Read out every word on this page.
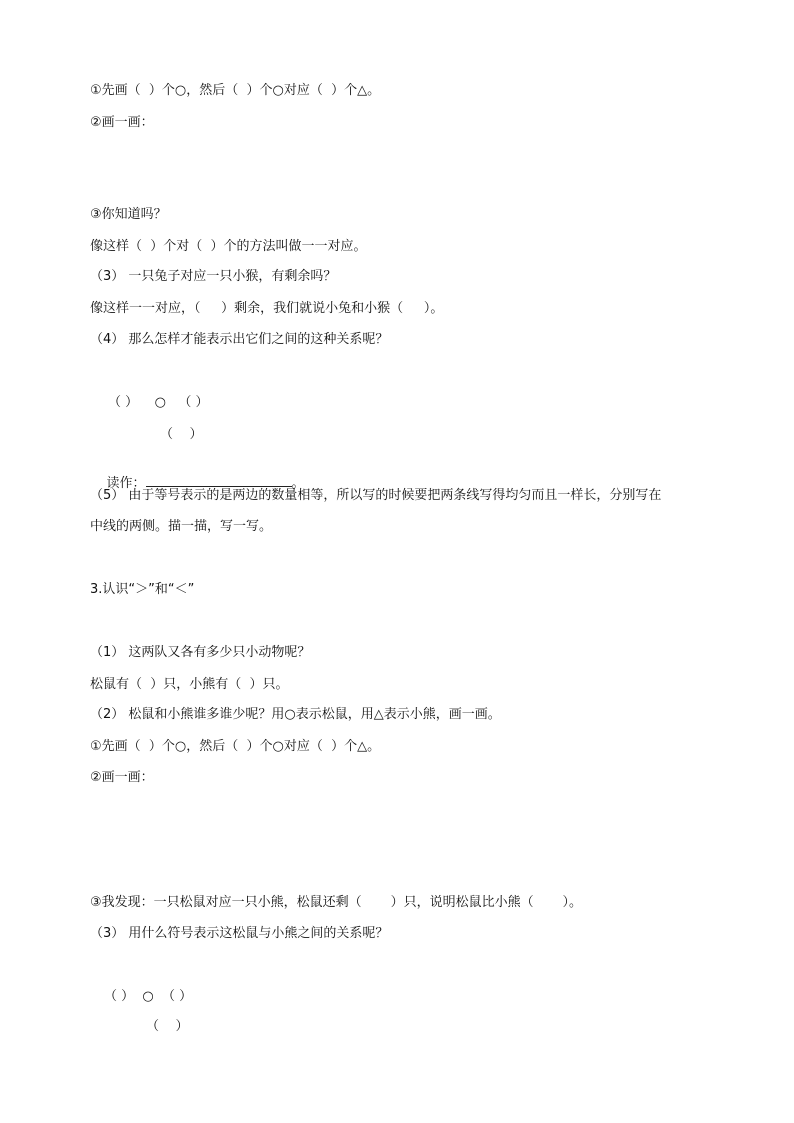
①先画（  ）个○，然后（  ）个○对应（  ）个△。
②画一画：
③你知道吗？
像这样（  ）个对（  ）个的方法叫做一一对应。
（3） 一只兔子对应一只小猴，有剩余吗？
像这样一一对应，（     ）剩余，我们就说小兔和小猴（     ）。
（4） 那么怎样才能表示出它们之间的这种关系呢？
（ ）    ○   （ ）
（    ）

读作：	。

（5） 由于等号表示的是两边的数量相等，所以写的时候要把两条线写得均匀而且一样长，分别写在
中线的两侧。描一描，写一写。
3.认识“＞”和“＜”
（1） 这两队又各有多少只小动物呢？
松鼠有（  ）只，小熊有（  ）只。
（2） 松鼠和小熊谁多谁少呢？用○表示松鼠，用△表示小熊，画一画。
①先画（  ）个○，然后（  ）个○对应（  ）个△。
②画一画：
③我发现：一只松鼠对应一只小熊，松鼠还剩（       ）只，说明松鼠比小熊（       ）。
（3） 用什么符号表示这松鼠与小熊之间的关系呢？
（ ）  ○  （ ）
（    ）
